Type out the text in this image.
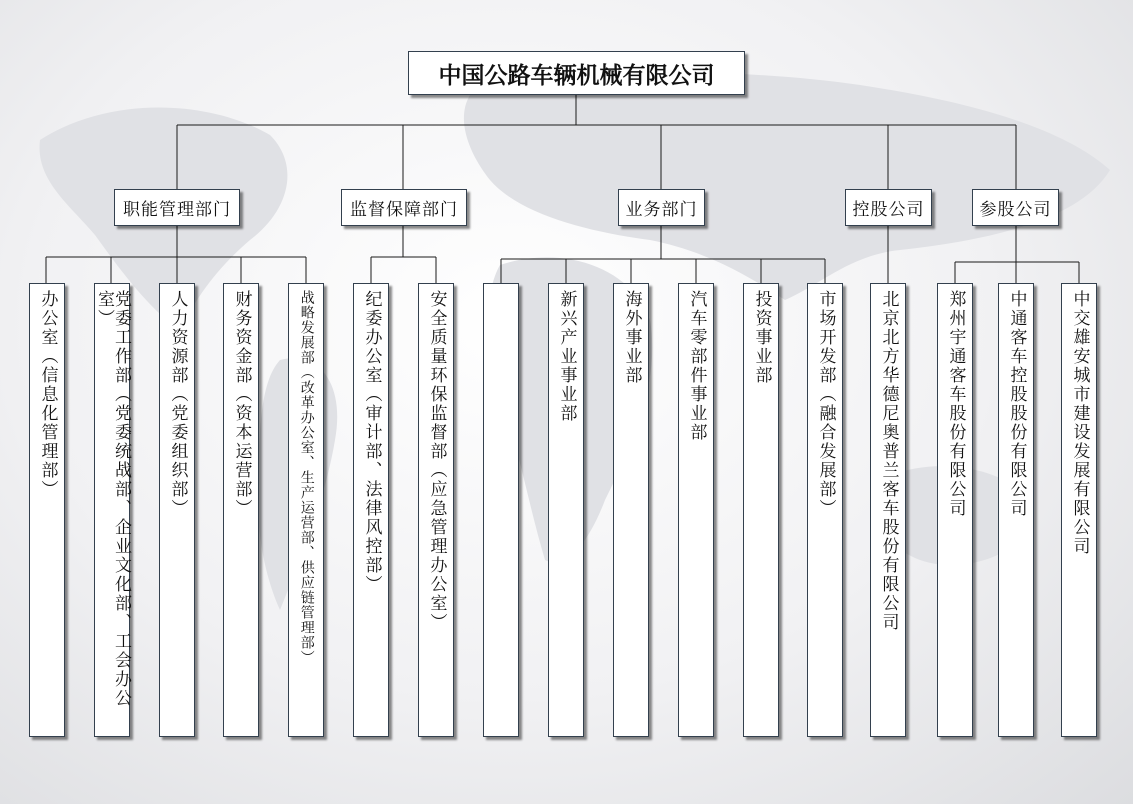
中国公路车辆机械有限公司
职能管理部门	监督保障部门	业务部门	控股公司	参股公司
办公室（信息化管理部）	党委工作部（党委统战部、企业文化部、工会办公室）	人力资源部（党委组织部）	财务资金部（资本运营部）	战略发展部（改革办公室、生产运营部、供应链管理部）	纪委办公室（审计部、法律风控部）	安全质量环保监督部（应急管理办公室）	新兴产业事业部	海外事业部	汽车零部件事业部	投资事业部	市场开发部（融合发展部）	北京北方华德尼奥普兰客车股份有限公司	郑州宇通客车股份有限公司 中通客车控股股份有限公司	中交雄安城市建设发展有限公司
